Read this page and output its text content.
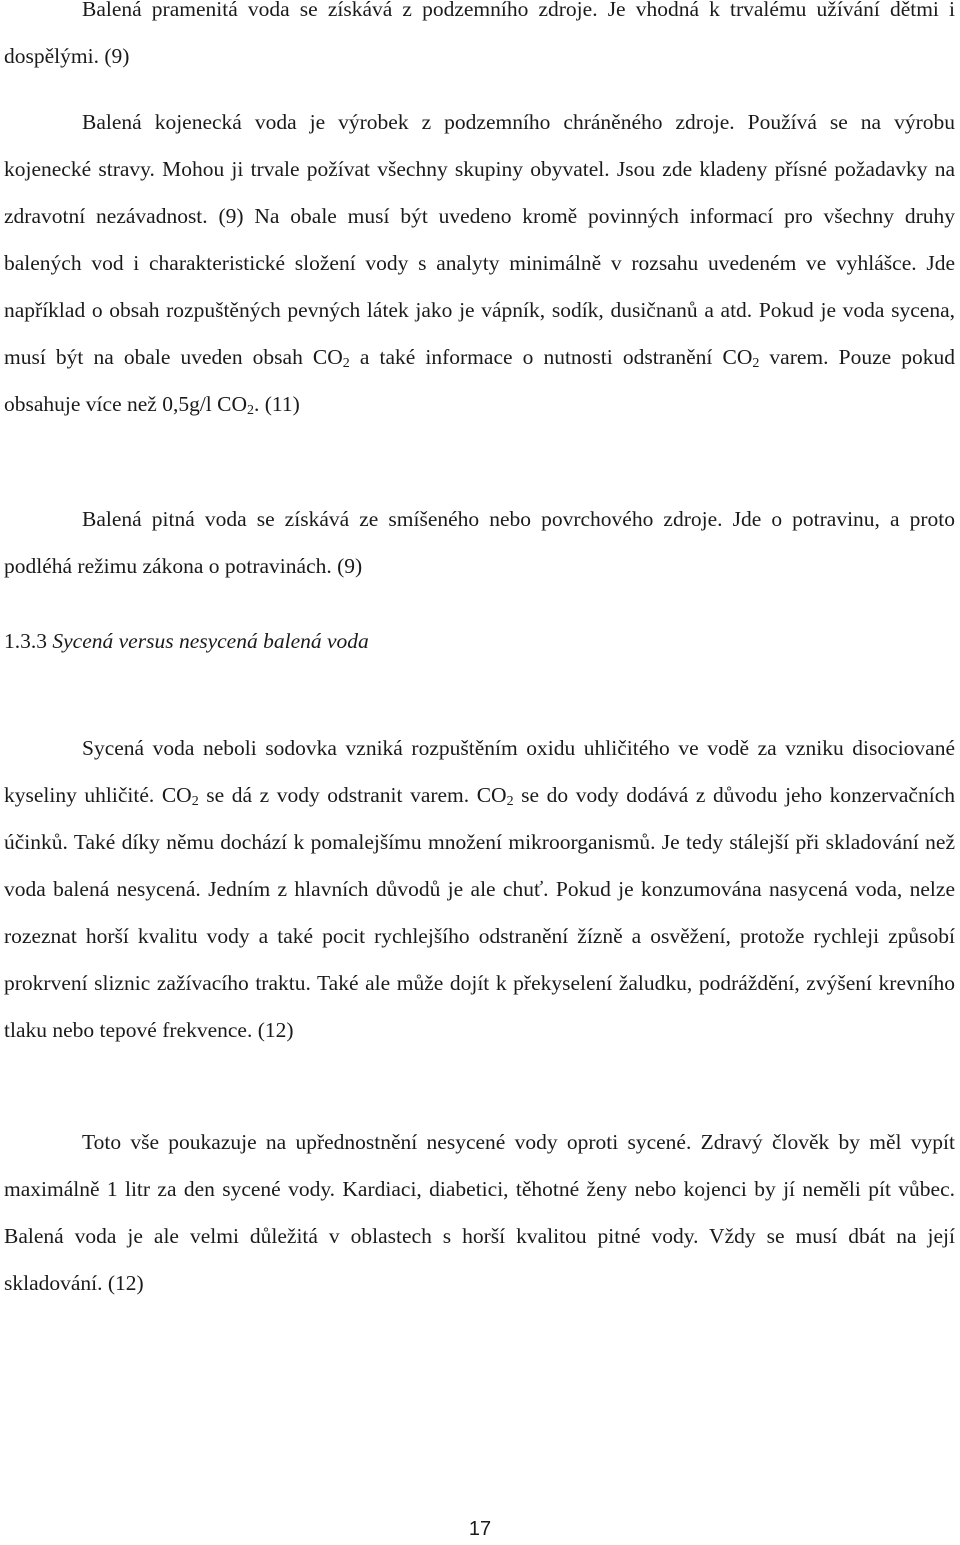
Balená pramenitá voda se získává z podzemního zdroje. Je vhodná k trvalému užívání dětmi i dospělými. (9)

Balená kojenecká voda je výrobek z podzemního chráněného zdroje. Používá se na výrobu kojenecké stravy. Mohou ji trvale požívat všechny skupiny obyvatel. Jsou zde kladeny přísné požadavky na zdravotní nezávadnost. (9) Na obale musí být uvedeno kromě povinných informací pro všechny druhy balených vod i charakteristické složení vody s analyty minimálně v rozsahu uvedeném ve vyhlášce. Jde například o obsah rozpuštěných pevných látek jako je vápník, sodík, dusičnanů a atd. Pokud je voda sycena, musí být na obale uveden obsah $CO_2$ a také informace o nutnosti odstranění $CO_2$ varem. Pouze pokud obsahuje více než 0,5g/l $CO_2$. (11)

Balená pitná voda se získává ze smíšeného nebo povrchového zdroje. Jde o potravinu, a proto podléhá režimu zákona o potravinách. (9)

1.3.3 Sycená versus nesycená balená voda

Sycená voda neboli sodovka vzniká rozpuštěním oxidu uhličitého ve vodě za vzniku disociované kyseliny uhličité. $CO_2$ se dá z vody odstranit varem. $CO_2$ se do vody dodává z důvodu jeho konzervačních účinků. Také díky němu dochází k pomalejšímu množení mikroorganismů. Je tedy stálejší při skladování než voda balená nesycená. Jedním z hlavních důvodů je ale chuť. Pokud je konzumována nasycená voda, nelze rozeznat horší kvalitu vody a také pocit rychlejšího odstranění žízně a osvěžení, protože rychleji způsobí prokrvení sliznic zažívacího traktu. Také ale může dojít k překyselení žaludku, podráždění, zvýšení krevního tlaku nebo tepové frekvence. (12)

Toto vše poukazuje na upřednostnění nesycené vody oproti sycené. Zdravý člověk by měl vypít maximálně 1 litr za den sycené vody. Kardiaci, diabetici, těhotné ženy nebo kojenci by jí neměli pít vůbec. Balená voda je ale velmi důležitá v oblastech s horší kvalitou pitné vody. Vždy se musí dbát na její skladování. (12)

17
